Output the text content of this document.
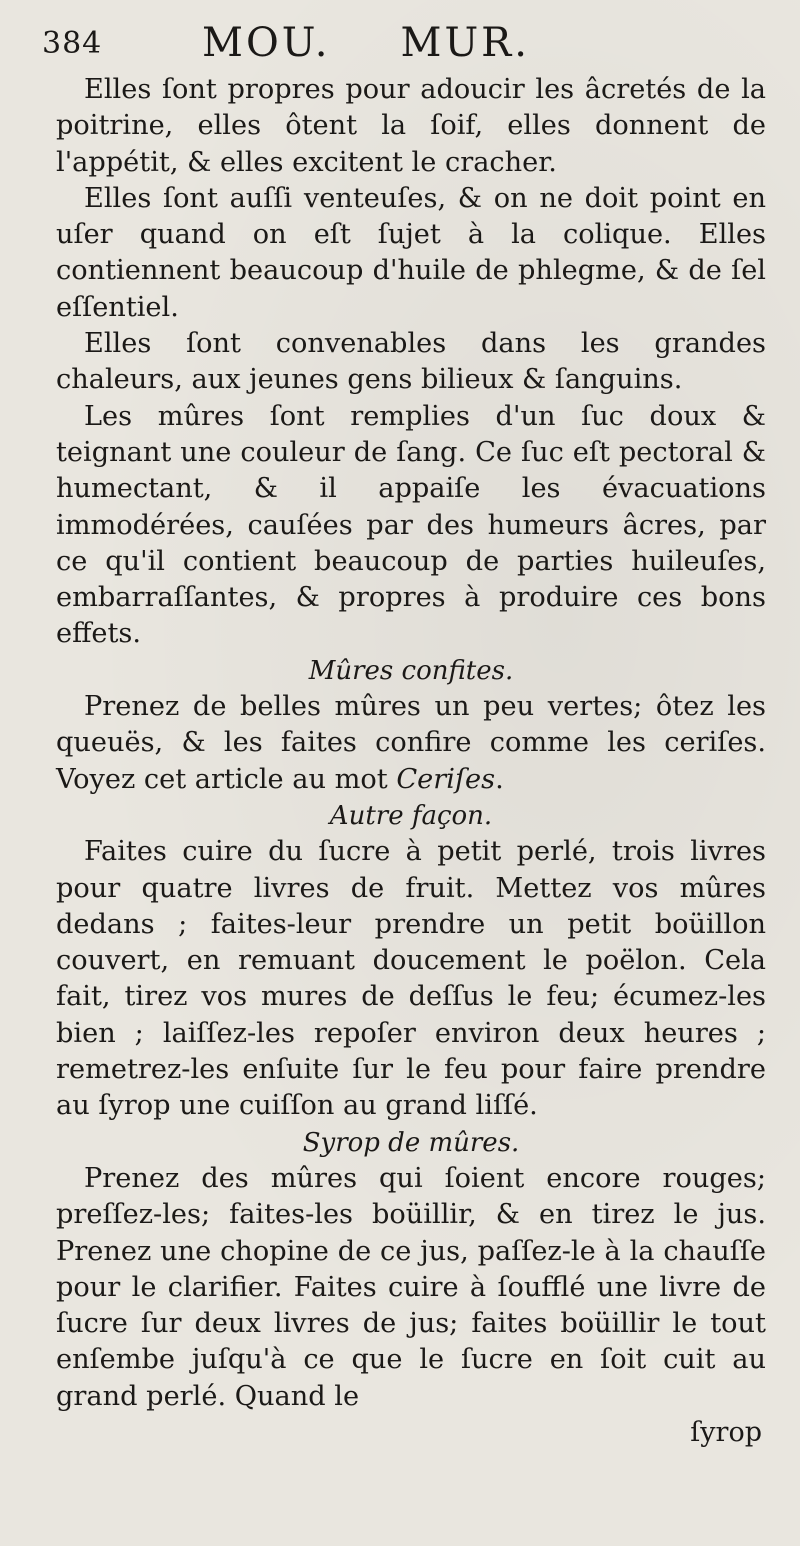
384 MOU. MUR.

Elles ſont propres pour adoucir les âcretés de la poitrine, elles ôtent la ſoif, elles donnent de l'appétit, & elles excitent le cracher.

Elles ſont auſſi venteuſes, & on ne doit point en uſer quand on eſt ſujet à la colique. Elles contiennent beaucoup d'huile de phlegme, & de ſel eſſentiel.

Elles ſont convenables dans les grandes chaleurs, aux jeunes gens bilieux & ſanguins.

Les mûres ſont remplies d'un ſuc doux & teignant une couleur de ſang. Ce ſuc eſt pectoral & humectant, & il appaiſe les évacuations immodérées, cauſées par des humeurs âcres, par ce qu'il contient beaucoup de parties huileuſes, embarraſſantes, & propres à produire ces bons effets.

Mûres confites.

Prenez de belles mûres un peu vertes; ôtez les queuës, & les faites confire comme les ceriſes. Voyez cet article au mot Ceriſes.

Autre façon.

Faites cuire du ſucre à petit perlé, trois livres pour quatre livres de fruit. Mettez vos mûres dedans ; faites-leur prendre un petit boüillon couvert, en remuant doucement le poëlon. Cela fait, tirez vos mures de deſſus le feu; écumez-les bien ; laiſſez-les repoſer environ deux heures ; remetrez-les enſuite ſur le feu pour faire prendre au ſyrop une cuiſſon au grand liſſé.

Syrop de mûres.

Prenez des mûres qui ſoient encore rouges; preſſez-les; faites-les boüillir, & en tirez le jus. Prenez une chopine de ce jus, paſſez-le à la chauſſe pour le clarifier. Faites cuire à ſoufflé une livre de ſucre ſur deux livres de jus; faites boüillir le tout enſembe juſqu'à ce que le ſucre en ſoit cuit au grand perlé. Quand le

ſyrop
